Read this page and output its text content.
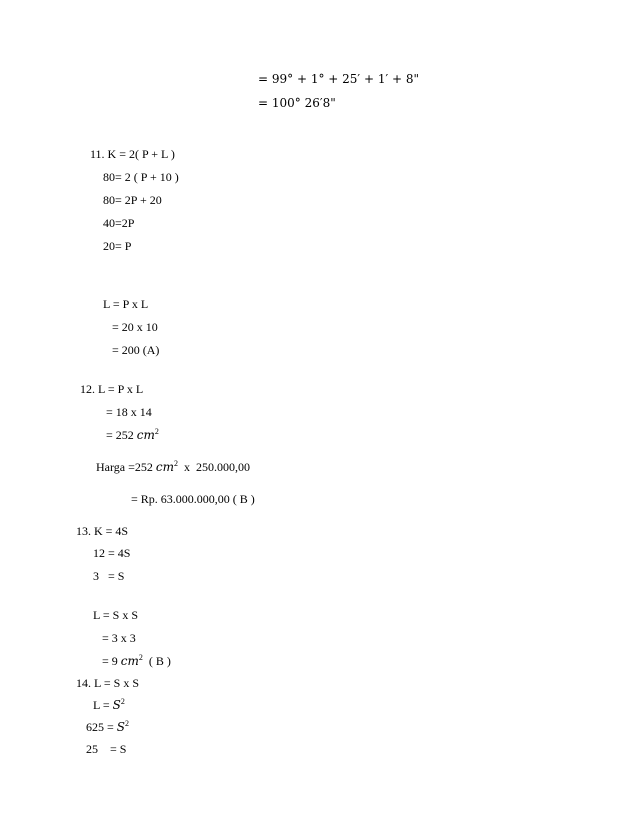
= 99° + 1° + 25′ + 1′ + 8"
= 100° 26′8"
11. K = 2( P + L )
80= 2 ( P + 10 )
80= 2P + 20
40=2P
20= P
L = P x L
= 20 x 10
= 200 (A)
12. L = P x L
= 18 x 14
= 252 $cm^2$
Harga =252 $cm^2$  x  250.000,00
= Rp. 63.000.000,00 ( B )
13. K = 4S
12 = 4S
3   = S
L = S x S
= 3 x 3
= 9 $cm^2$  ( B )
14. L = S x S
$L = S^2$
$625 = S^2$
25    = S
